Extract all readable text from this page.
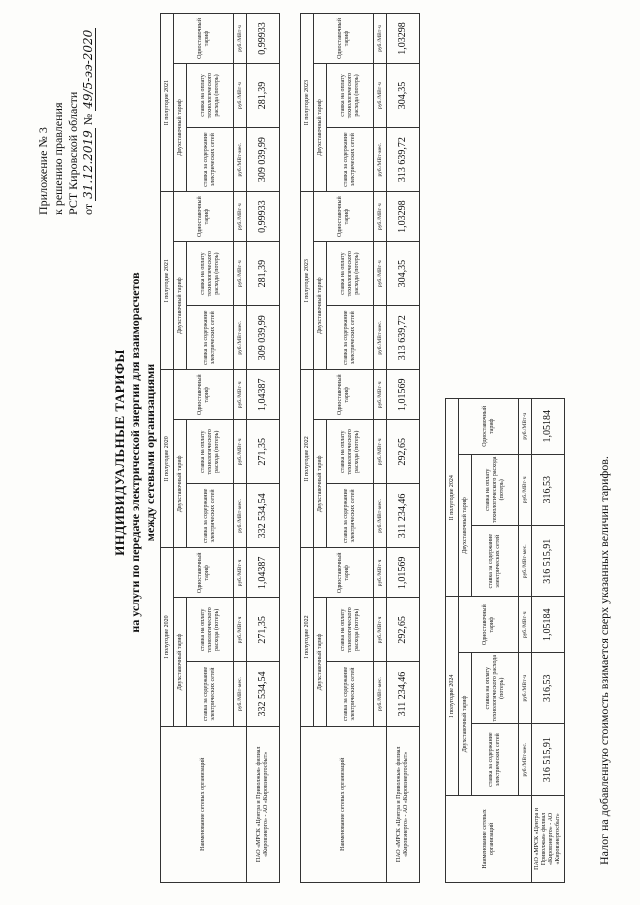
Приложение № 3 к решению правления РСТ Кировской области от 31.12.2019 № 49/5-ээ-2020
ИНДИВИДУАЛЬНЫЕ ТАРИФЫ на услуги по передаче электрической энергии для взаиморасчетов между сетевыми организациями
Наименование сетевых организаций	I полугодие 2020			II полугодие 2020			I полугодие 2021			II полугодие 2021		
	Двухставочный тариф		Одноставочный тариф	Двухставочный тариф		Одноставочный тариф	Двухставочный тариф		Одноставочный тариф	Двухставочный тариф		Одноставочный тариф
	ставка за содержание электрических сетей	ставка на оплату технологического расхода (потерь)		ставка за содержание электрических сетей	ставка на оплату технологического расхода (потерь)		ставка за содержание электрических сетей	ставка на оплату технологического расхода (потерь)		ставка за содержание электрических сетей	ставка на оплату технологического расхода (потерь)	
	руб./МВт·мес.	руб./МВт·ч	руб./МВт·ч	руб./МВт·мес.	руб./МВт·ч	руб./МВт·ч	руб./МВт·мес.	руб./МВт·ч	руб./МВт·ч	руб./МВт·мес.	руб./МВт·ч	руб./МВт·ч
ПАО «МРСК «Центра и Приволжья» филиал «Кировэнерго» - АО «Кировэнергосбыт»	332 534,54	271,35	1,04387	332 534,54	271,35	1,04387	309 039,99	281,39	0,99933	309 039,99	281,39	0,99933
Наименование сетевых организаций	I полугодие 2022			II полугодие 2022			I полугодие 2023			II полугодие 2023		
	Двухставочный тариф		Одноставочный тариф	Двухставочный тариф		Одноставочный тариф	Двухставочный тариф		Одноставочный тариф	Двухставочный тариф		Одноставочный тариф
	ставка за содержание электрических сетей	ставка на оплату технологического расхода (потерь)		ставка за содержание электрических сетей	ставка на оплату технологического расхода (потерь)		ставка за содержание электрических сетей	ставка на оплату технологического расхода (потерь)		ставка за содержание электрических сетей	ставка на оплату технологического расхода (потерь)	
	руб./МВт·мес.	руб./МВт·ч	руб./МВт·ч	руб./МВт·мес.	руб./МВт·ч	руб./МВт·ч	руб./МВт·мес.	руб./МВт·ч	руб./МВт·ч	руб./МВт·мес.	руб./МВт·ч	руб./МВт·ч
ПАО «МРСК «Центра и Приволжья» филиал «Кировэнерго» - АО «Кировэнергосбыт»	311 234,46	292,65	1,01569	311 234,46	292,65	1,01569	313 639,72	304,35	1,03298	313 639,72	304,35	1,03298
Наименование сетевых организаций	I полугодие 2024			II полугодие 2024		
	Двухставочный тариф		Одноставочный тариф	Двухставочный тариф		Одноставочный тариф
	ставка за содержание электрических сетей	ставка на оплату технологического расхода (потерь)		ставка за содержание электрических сетей	ставка на оплату технологического расхода (потерь)	
	руб./МВт·мес.	руб./МВт·ч	руб./МВт·ч	руб./МВт·мес.	руб./МВт·ч	руб./МВт·ч
ПАО «МРСК «Центра и Приволжья» филиал «Кировэнерго» - АО «Кировэнергосбыт»	316 515,91	316,53	1,05184	316 515,91	316,53	1,05184
Налог на добавленную стоимость взимается сверх указанных величин тарифов.
